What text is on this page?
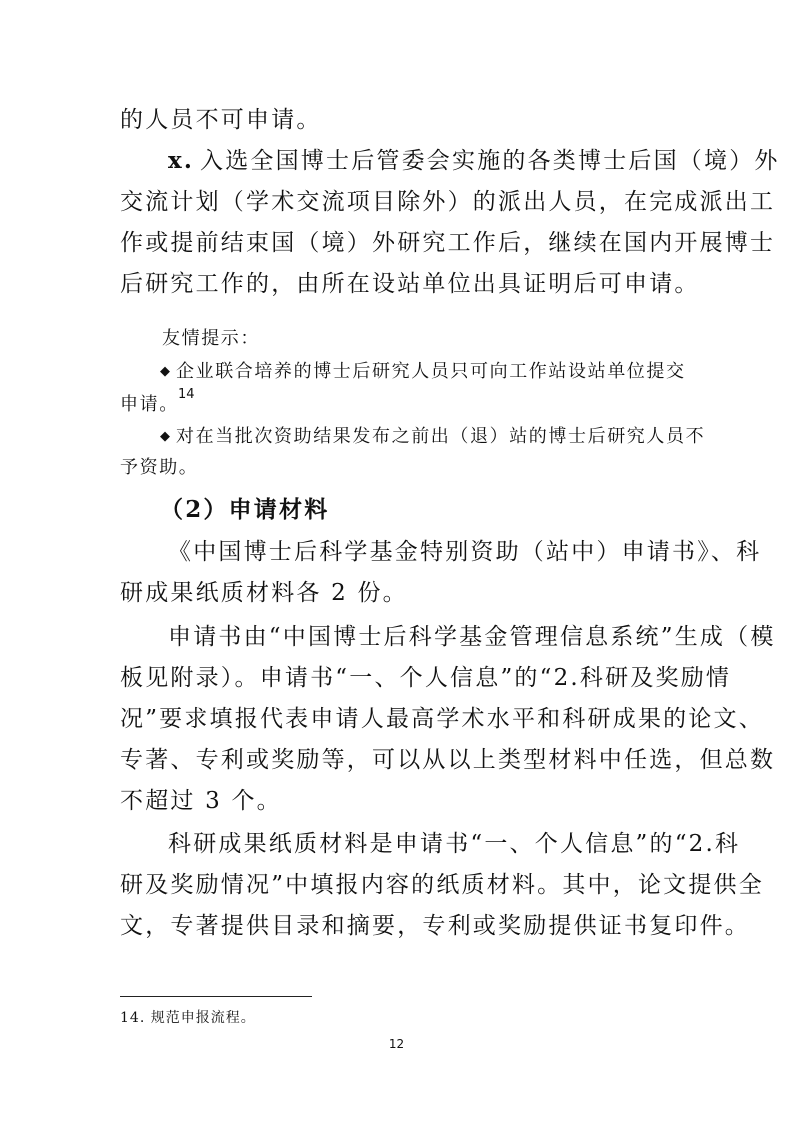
的人员不可申请。
x. 入选全国博士后管委会实施的各类博士后国（境）外
交流计划（学术交流项目除外）的派出人员，在完成派出工
作或提前结束国（境）外研究工作后，继续在国内开展博士
后研究工作的，由所在设站单位出具证明后可申请。
友情提示：
◆ 企业联合培养的博士后研究人员只可向工作站设站单位提交
申请。 14
◆ 对在当批次资助结果发布之前出（退）站的博士后研究人员不
予资助。
（2）申请材料
《中国博士后科学基金特别资助（站中）申请书》、科
研成果纸质材料各 2 份。
申请书由“中国博士后科学基金管理信息系统”生成（模
板见附录）。申请书“一、个人信息”的“2.科研及奖励情
况”要求填报代表申请人最高学术水平和科研成果的论文、
专著、专利或奖励等，可以从以上类型材料中任选，但总数
不超过 3 个。
科研成果纸质材料是申请书“一、个人信息”的“2.科
研及奖励情况”中填报内容的纸质材料。其中，论文提供全
文，专著提供目录和摘要，专利或奖励提供证书复印件。
14. 规范申报流程。
12
